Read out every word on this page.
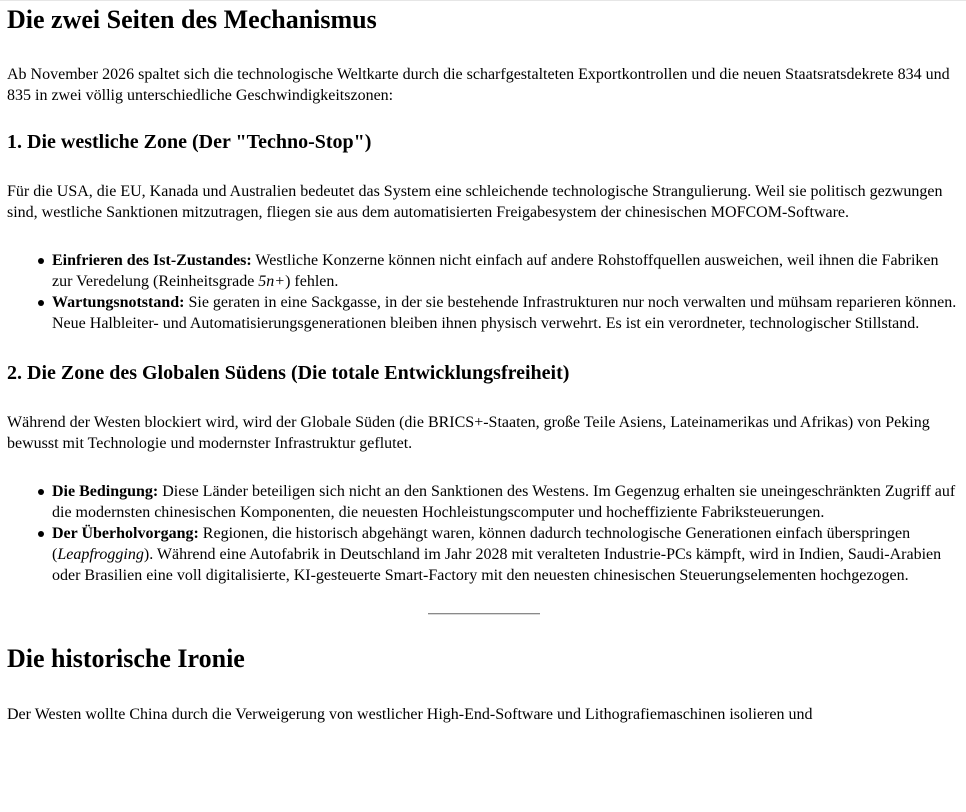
Die zwei Seiten des Mechanismus

Ab November 2026 spaltet sich die technologische Weltkarte durch die scharfgestalteten Exportkontrollen und die neuen Staatsratsdekrete 834 und 835 in zwei völlig unterschiedliche Geschwindigkeitszonen:

1. Die westliche Zone (Der "Techno-Stop")

Für die USA, die EU, Kanada und Australien bedeutet das System eine schleichende technologische Strangulierung. Weil sie politisch gezwungen sind, westliche Sanktionen mitzutragen, fliegen sie aus dem automatisierten Freigabesystem der chinesischen MOFCOM-Software.

Einfrieren des Ist-Zustandes: Westliche Konzerne können nicht einfach auf andere Rohstoffquellen ausweichen, weil ihnen die Fabriken zur Veredelung (Reinheitsgrade 5n+) fehlen.
Wartungsnotstand: Sie geraten in eine Sackgasse, in der sie bestehende Infrastrukturen nur noch verwalten und mühsam reparieren können. Neue Halbleiter- und Automatisierungsgenerationen bleiben ihnen physisch verwehrt. Es ist ein verordneter, technologischer Stillstand.
2. Die Zone des Globalen Südens (Die totale Entwicklungsfreiheit)

Während der Westen blockiert wird, wird der Globale Süden (die BRICS+-Staaten, große Teile Asiens, Lateinamerikas und Afrikas) von Peking bewusst mit Technologie und modernster Infrastruktur geflutet.

Die Bedingung: Diese Länder beteiligen sich nicht an den Sanktionen des Westens. Im Gegenzug erhalten sie uneingeschränkten Zugriff auf die modernsten chinesischen Komponenten, die neuesten Hochleistungscomputer und hocheffiziente Fabriksteuerungen.
Der Überholvorgang: Regionen, die historisch abgehängt waren, können dadurch technologische Generationen einfach überspringen (Leapfrogging). Während eine Autofabrik in Deutschland im Jahr 2028 mit veralteten Industrie-PCs kämpft, wird in Indien, Saudi-Arabien oder Brasilien eine voll digitalisierte, KI-gesteuerte Smart-Factory mit den neuesten chinesischen Steuerungselementen hochgezogen.
Die historische Ironie

Der Westen wollte China durch die Verweigerung von westlicher High-End-Software und Lithografiemaschinen isolieren und
